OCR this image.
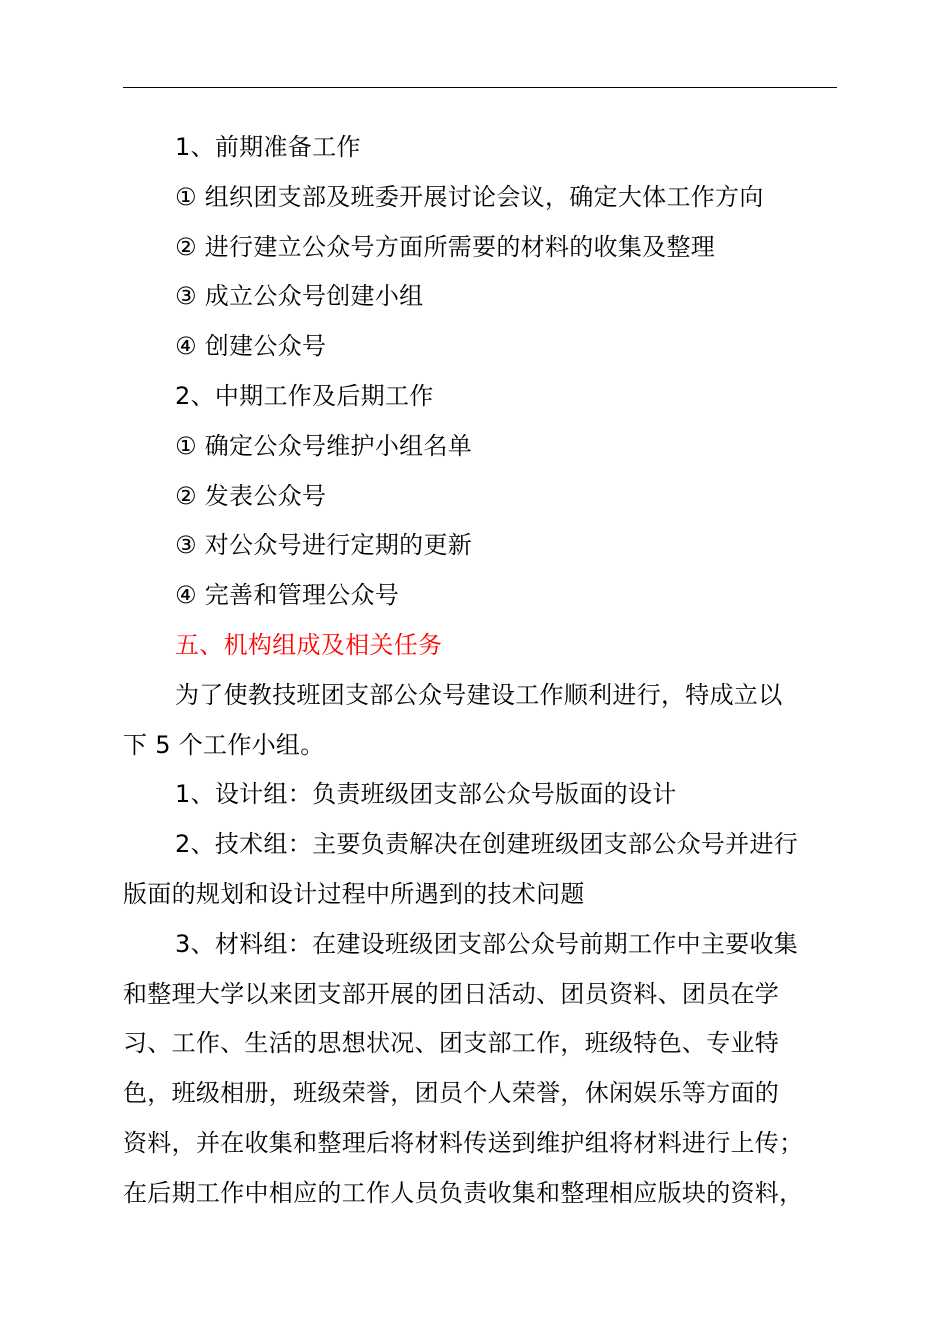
1、前期准备工作
① 组织团支部及班委开展讨论会议，确定大体工作方向
② 进行建立公众号方面所需要的材料的收集及整理
③ 成立公众号创建小组
④ 创建公众号
2、中期工作及后期工作
① 确定公众号维护小组名单
② 发表公众号
③ 对公众号进行定期的更新
④ 完善和管理公众号
五、机构组成及相关任务
为了使教技班团支部公众号建设工作顺利进行，特成立以
下 5 个工作小组。
1、设计组：负责班级团支部公众号版面的设计
2、技术组：主要负责解决在创建班级团支部公众号并进行
版面的规划和设计过程中所遇到的技术问题
3、材料组：在建设班级团支部公众号前期工作中主要收集
和整理大学以来团支部开展的团日活动、团员资料、团员在学
习、工作、生活的思想状况、团支部工作，班级特色、专业特
色，班级相册，班级荣誉，团员个人荣誉，休闲娱乐等方面的
资料，并在收集和整理后将材料传送到维护组将材料进行上传；
在后期工作中相应的工作人员负责收集和整理相应版块的资料，
